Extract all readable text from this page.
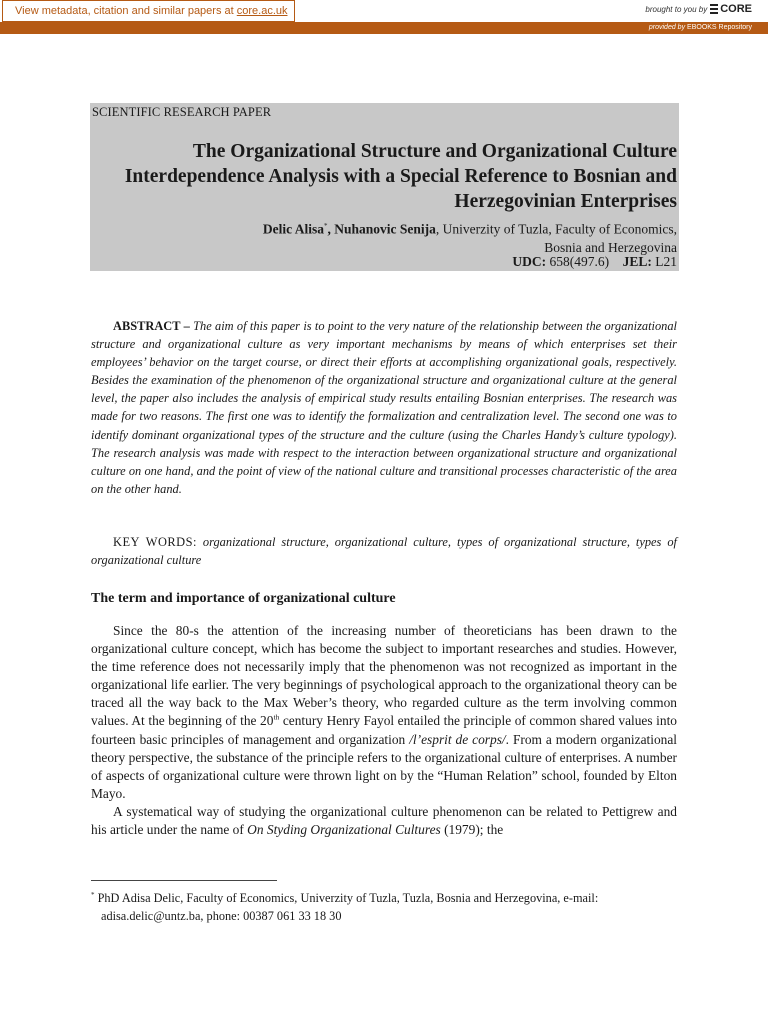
View metadata, citation and similar papers at core.ac.uk	brought to you by CORE
provided by EBOOKS Repository
SCIENTIFIC RESEARCH PAPER
The Organizational Structure and Organizational Culture Interdependence Analysis with a Special Reference to Bosnian and Herzegovinian Enterprises
Delic Alisa*, Nuhanovic Senija, Univerzity of Tuzla, Faculty of Economics,
Bosnia and Herzegovina
UDC: 658(497.6) JEL: L21

ABSTRACT – The aim of this paper is to point to the very nature of the relationship between the organizational structure and organizational culture as very important mechanisms by means of which enterprises set their employees’ behavior on the target course, or direct their efforts at accomplishing organizational goals, respectively. Besides the examination of the phenomenon of the organizational structure and organizational culture at the general level, the paper also includes the analysis of empirical study results entailing Bosnian enterprises. The research was made for two reasons. The first one was to identify the formalization and centralization level. The second one was to identify dominant organizational types of the structure and the culture (using the Charles Handy’s culture typology). The research analysis was made with respect to the interaction between organizational structure and organizational culture on one hand, and the point of view of the national culture and transitional processes characteristic of the area on the other hand.

KEY WORDS: organizational structure, organizational culture, types of organizational structure, types of organizational culture

The term and importance of organizational culture

Since the 80-s the attention of the increasing number of theoreticians has been drawn to the organizational culture concept, which has become the subject to important researches and studies. However, the time reference does not necessarily imply that the phenomenon was not recognized as important in the organizational life earlier. The very beginnings of psychological approach to the organizational theory can be traced all the way back to the Max Weber’s theory, who regarded culture as the term involving common values. At the beginning of the 20th century Henry Fayol entailed the principle of common shared values into fourteen basic principles of management and organization /l’esprit de corps/. From a modern organizational theory perspective, the substance of the principle refers to the organizational culture of enterprises. A number of aspects of organizational culture were thrown light on by the “Human Relation” school, founded by Elton Mayo.

A systematical way of studying the organizational culture phenomenon can be related to Pettigrew and his article under the name of On Styding Organizational Cultures (1979); the

* PhD Adisa Delic, Faculty of Economics, Univerzity of Tuzla, Tuzla, Bosnia and Herzegovina, e-mail:
adisa.delic@untz.ba, phone: 00387 061 33 18 30
